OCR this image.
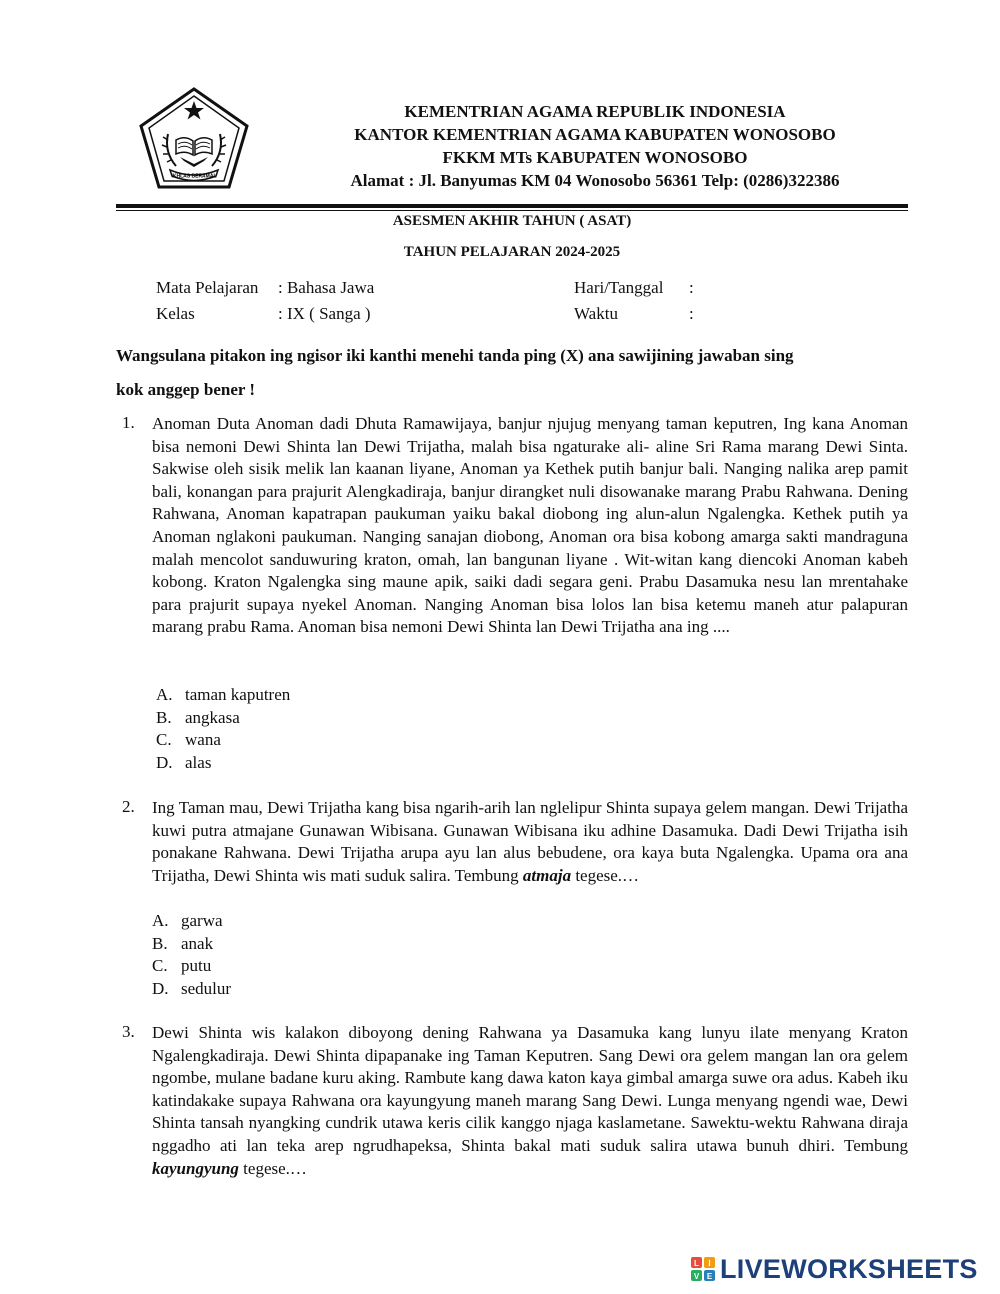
IKHLAS BERAMAL
KEMENTRIAN AGAMA REPUBLIK INDONESIA
KANTOR KEMENTRIAN AGAMA KABUPATEN WONOSOBO
FKKM MTs KABUPATEN WONOSOBO
Alamat : Jl. Banyumas KM 04 Wonosobo 56361 Telp: (0286)322386
ASESMEN AKHIR TAHUN ( ASAT)
TAHUN PELAJARAN 2024-2025
Mata Pelajaran : Bahasa Jawa
Kelas	: IX ( Sanga )
Hari/Tanggal :
Waktu	:
Wangsulana pitakon ing ngisor iki kanthi menehi tanda ping (X) ana sawijining jawaban sing
kok anggep bener !
1. Anoman Duta Anoman dadi Dhuta Ramawijaya, banjur njujug menyang taman keputren, Ing kana Anoman bisa nemoni Dewi Shinta lan Dewi Trijatha, malah bisa ngaturake ali- aline Sri Rama marang Dewi Sinta. Sakwise oleh sisik melik lan kaanan liyane, Anoman ya Kethek putih banjur bali. Nanging nalika arep pamit bali, konangan para prajurit Alengkadiraja, banjur dirangket nuli disowanake marang Prabu Rahwana. Dening Rahwana, Anoman kapatrapan paukuman yaiku bakal diobong ing alun-alun Ngalengka. Kethek putih ya Anoman nglakoni paukuman. Nanging sanajan diobong, Anoman ora bisa kobong amarga sakti mandraguna malah mencolot sanduwuring kraton, omah, lan bangunan liyane . Wit-witan kang diencoki Anoman kabeh kobong. Kraton Ngalengka sing maune apik, saiki dadi segara geni. Prabu Dasamuka nesu lan mrentahake para prajurit supaya nyekel Anoman. Nanging Anoman bisa lolos lan bisa ketemu maneh atur palapuran marang prabu Rama. Anoman bisa nemoni Dewi Shinta lan Dewi Trijatha ana ing ....
A. taman kaputren
B. angkasa
C. wana
D. alas
2. Ing Taman mau, Dewi Trijatha kang bisa ngarih-arih lan nglelipur Shinta supaya gelem mangan. Dewi Trijatha kuwi putra atmajane Gunawan Wibisana. Gunawan Wibisana iku adhine Dasamuka. Dadi Dewi Trijatha isih ponakane Rahwana. Dewi Trijatha arupa ayu lan alus bebudene, ora kaya buta Ngalengka. Upama ora ana Trijatha, Dewi Shinta wis mati suduk salira. Tembung atmaja tegese.…
A. garwa
B. anak
C. putu
D. sedulur
3. Dewi Shinta wis kalakon diboyong dening Rahwana ya Dasamuka kang lunyu ilate menyang Kraton Ngalengkadiraja. Dewi Shinta dipapanake ing Taman Keputren. Sang Dewi ora gelem mangan lan ora gelem ngombe, mulane badane kuru aking. Rambute kang dawa katon kaya gimbal amarga suwe ora adus. Kabeh iku katindakake supaya Rahwana ora kayungyung maneh marang Sang Dewi. Lunga menyang ngendi wae, Dewi Shinta tansah nyangking cundrik utawa keris cilik kanggo njaga kaslametane. Sawektu-wektu Rahwana diraja nggadho ati lan teka arep ngrudhapeksa, Shinta bakal mati suduk salira utawa bunuh dhiri. Tembung kayungyung tegese.…
L I
V E LIVEWORKSHEETS
